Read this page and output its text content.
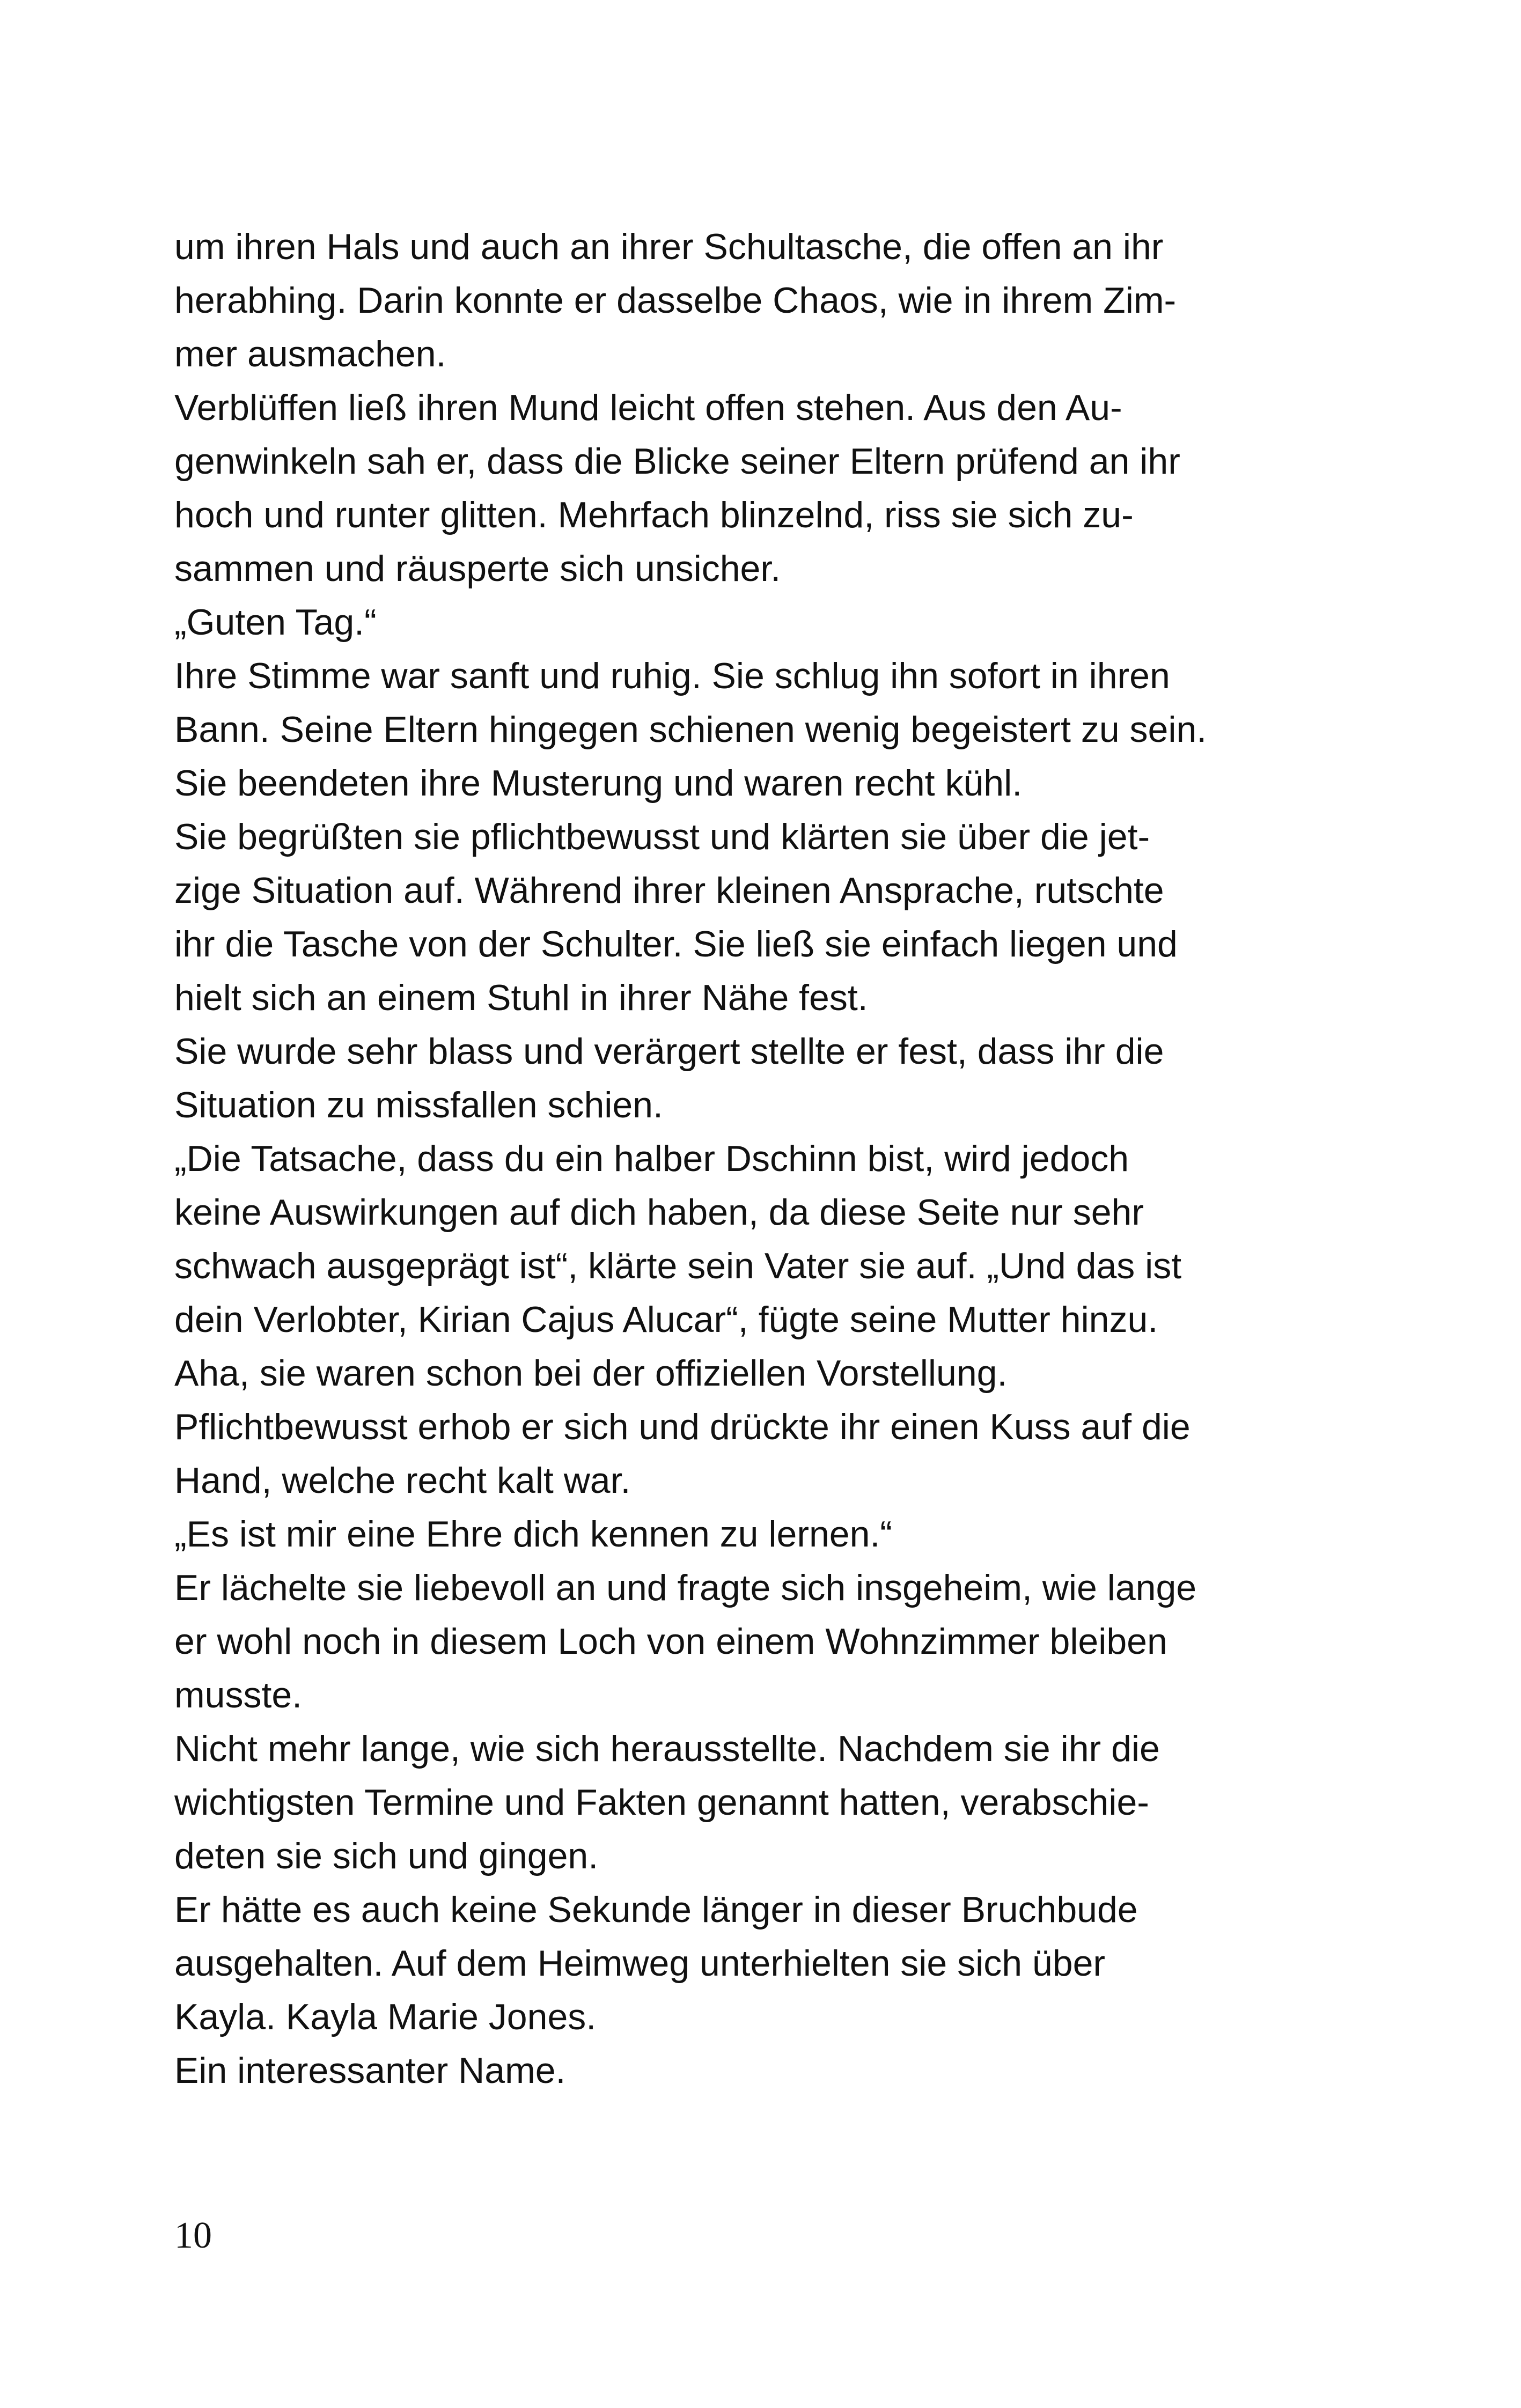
um ihren Hals und auch an ihrer Schultasche, die offen an ihr
herabhing. Darin konnte er dasselbe Chaos, wie in ihrem Zim-
mer ausmachen.
Verblüffen ließ ihren Mund leicht offen stehen. Aus den Au-
genwinkeln sah er, dass die Blicke seiner Eltern prüfend an ihr
hoch und runter glitten. Mehrfach blinzelnd, riss sie sich zu-
sammen und räusperte sich unsicher.
„Guten Tag.“
Ihre Stimme war sanft und ruhig. Sie schlug ihn sofort in ihren
Bann. Seine Eltern hingegen schienen wenig begeistert zu sein.
Sie beendeten ihre Musterung und waren recht kühl.
Sie begrüßten sie pflichtbewusst und klärten sie über die jet-
zige Situation auf. Während ihrer kleinen Ansprache, rutschte
ihr die Tasche von der Schulter. Sie ließ sie einfach liegen und
hielt sich an einem Stuhl in ihrer Nähe fest.
Sie wurde sehr blass und verärgert stellte er fest, dass ihr die
Situation zu missfallen schien.
„Die Tatsache, dass du ein halber Dschinn bist, wird jedoch
keine Auswirkungen auf dich haben, da diese Seite nur sehr
schwach ausgeprägt ist“, klärte sein Vater sie auf. „Und das ist
dein Verlobter, Kirian Cajus Alucar“, fügte seine Mutter hinzu.
Aha, sie waren schon bei der offiziellen Vorstellung.
Pflichtbewusst erhob er sich und drückte ihr einen Kuss auf die
Hand, welche recht kalt war.
„Es ist mir eine Ehre dich kennen zu lernen.“
Er lächelte sie liebevoll an und fragte sich insgeheim, wie lange
er wohl noch in diesem Loch von einem Wohnzimmer bleiben
musste.
Nicht mehr lange, wie sich herausstellte. Nachdem sie ihr die
wichtigsten Termine und Fakten genannt hatten, verabschie-
deten sie sich und gingen.
Er hätte es auch keine Sekunde länger in dieser Bruchbude
ausgehalten. Auf dem Heimweg unterhielten sie sich über
Kayla. Kayla Marie Jones.
Ein interessanter Name.
10
